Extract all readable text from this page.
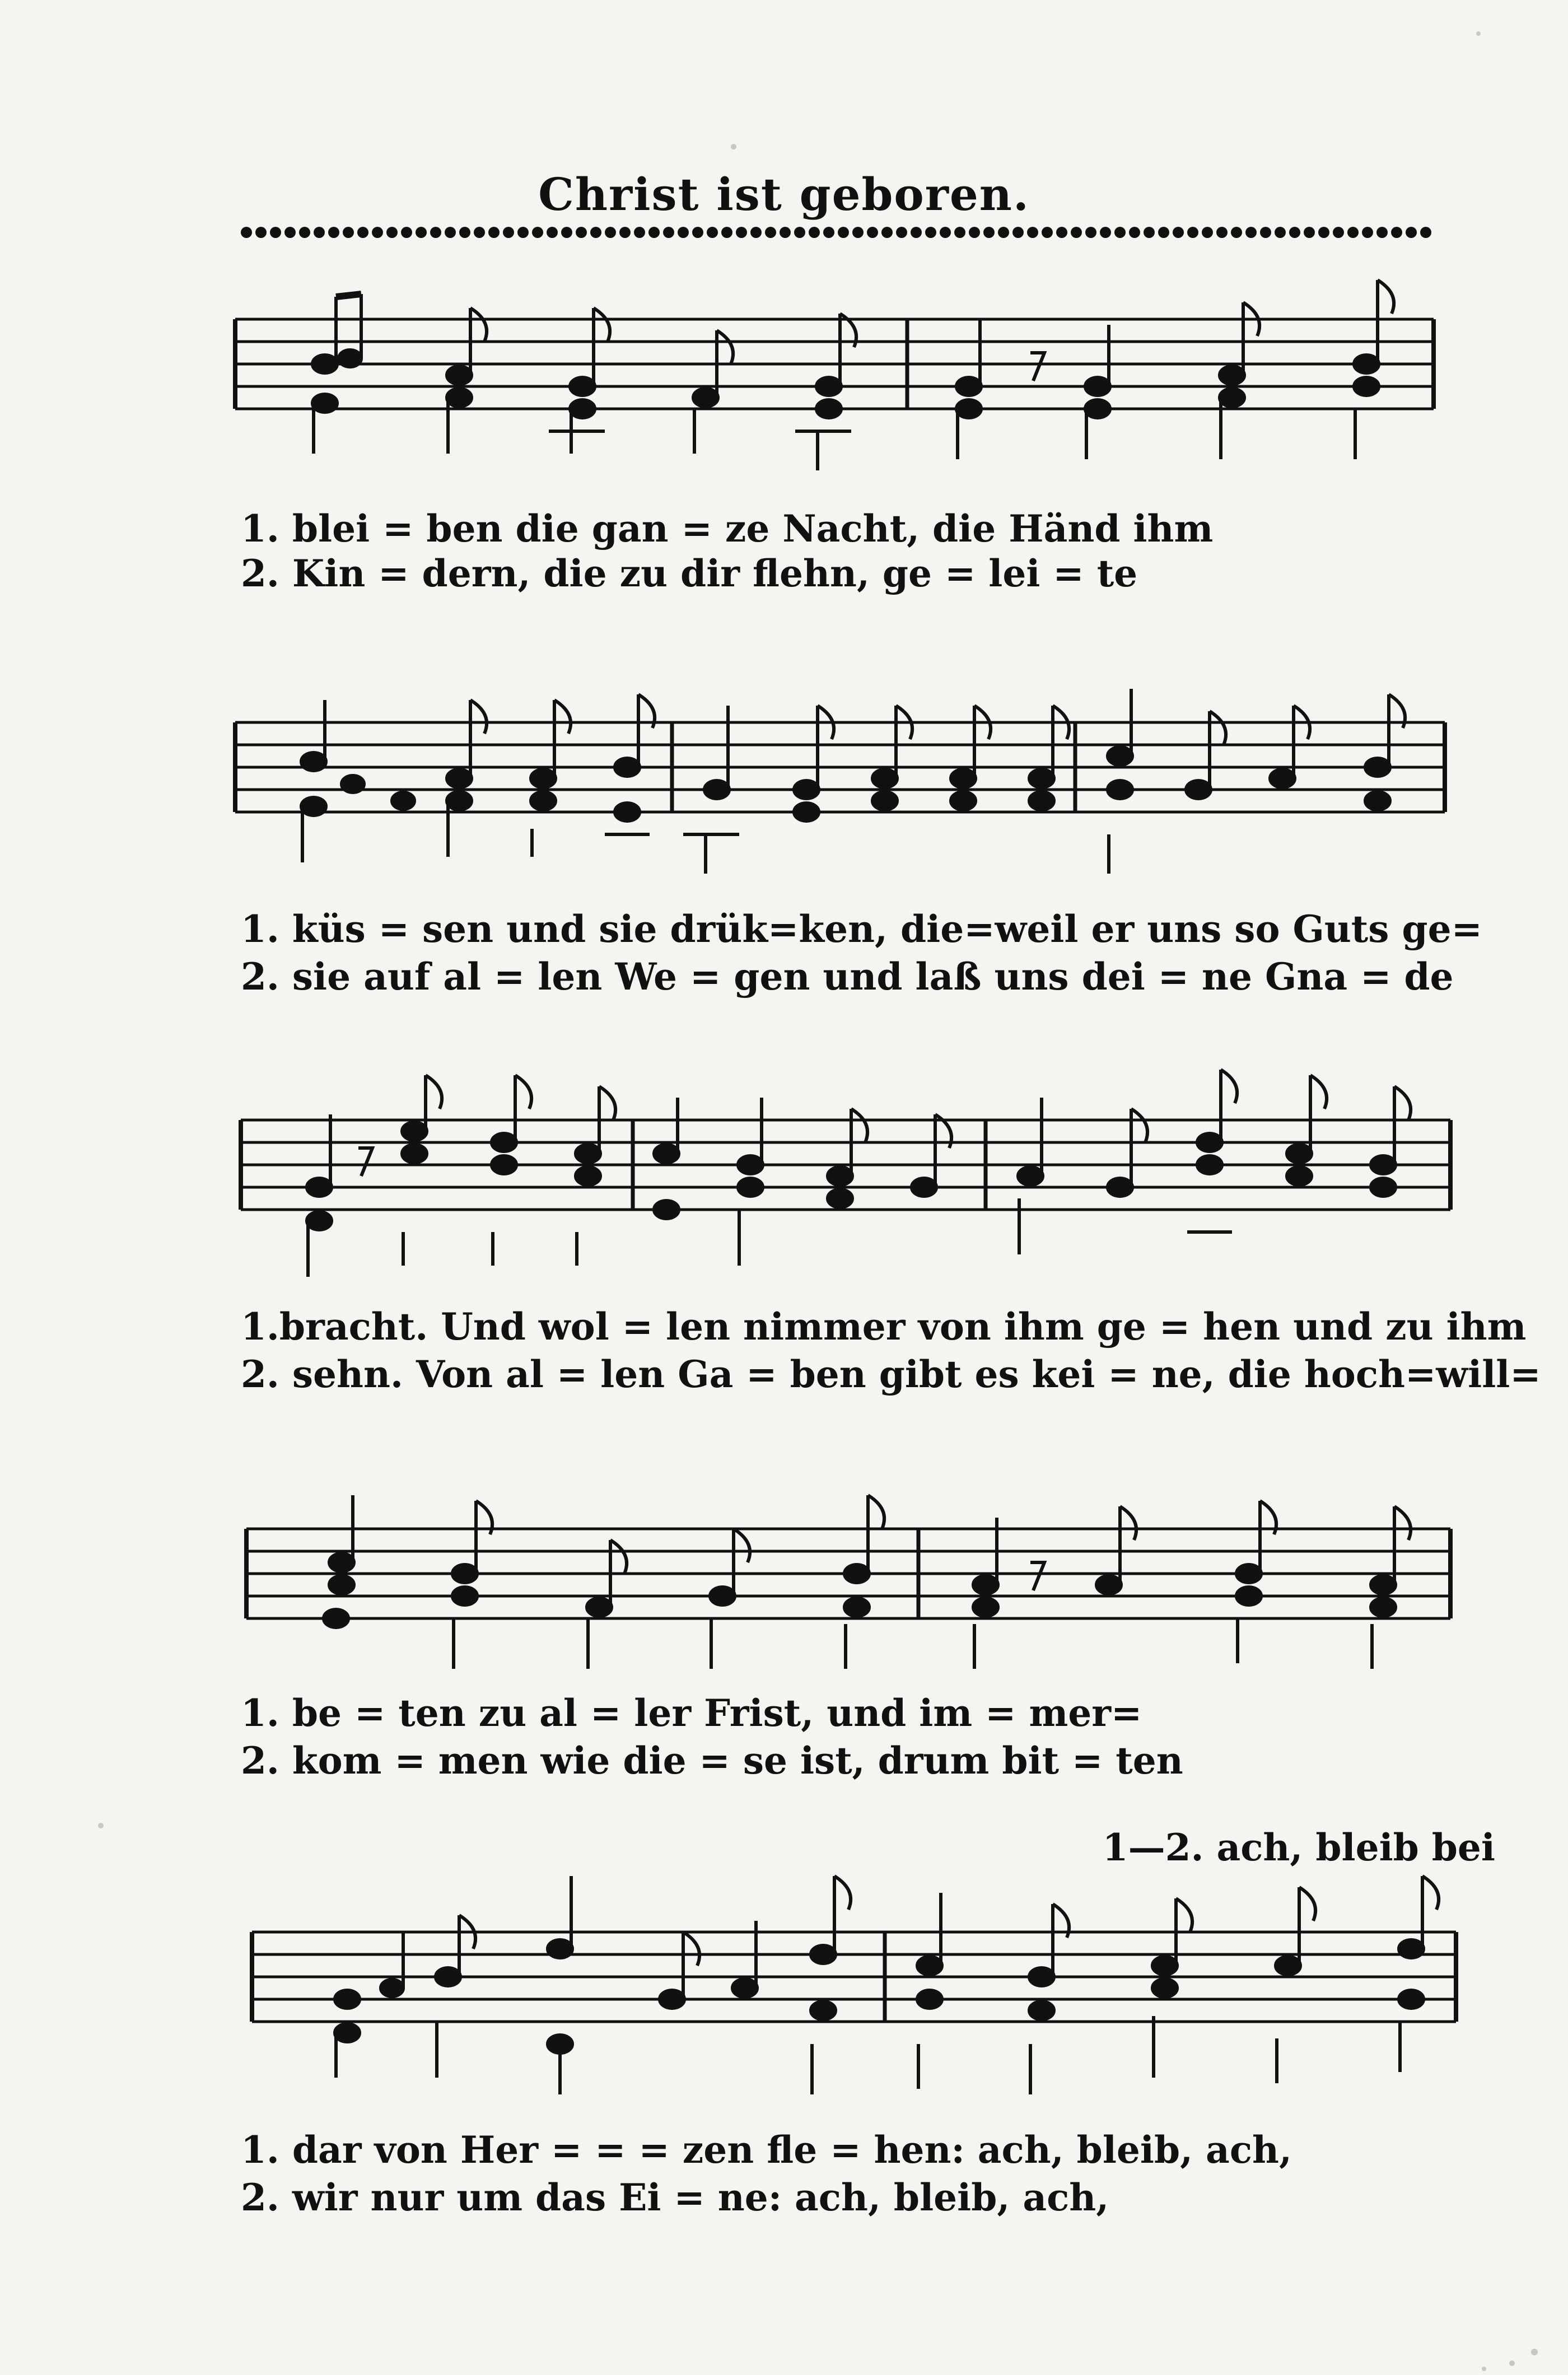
Christ ist geboren.
1. blei = ben die gan = ze Nacht, die Händ ihm
2. Kin = dern, die zu dir flehn, ge = lei = te
1. küs = sen und sie drük=ken, die=weil er uns so Guts ge=
2. sie auf al = len We = gen und laß uns dei = ne Gna = de
1.bracht. Und wol = len nimmer von ihm ge = hen und zu ihm
2. sehn. Von al = len Ga = ben gibt es kei = ne, die hoch=will=
1. be = ten zu al = ler Frist, und im = mer=
2. kom = men wie die = se ist, drum bit = ten
1—2. ach, bleib bei
1. dar von Her = = = zen fle = hen: ach, bleib, ach,
2. wir nur um das Ei = ne: ach, bleib, ach,
